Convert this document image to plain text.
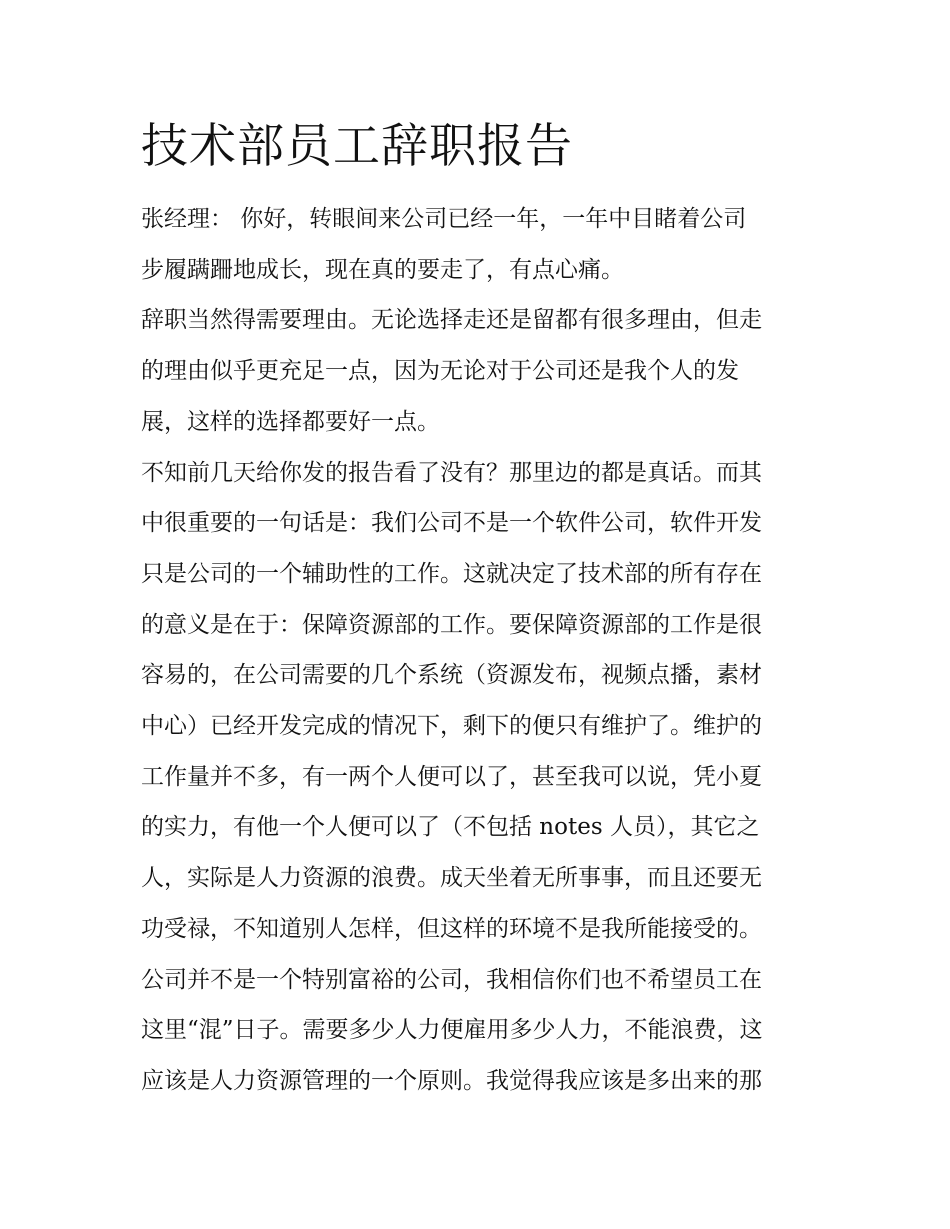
技术部员工辞职报告

张经理： 你好，转眼间来公司已经一年，一年中目睹着公司
步履蹒跚地成长，现在真的要走了，有点心痛。

辞职当然得需要理由。无论选择走还是留都有很多理由，但走
的理由似乎更充足一点，因为无论对于公司还是我个人的发
展，这样的选择都要好一点。

不知前几天给你发的报告看了没有？那里边的都是真话。而其
中很重要的一句话是：我们公司不是一个软件公司，软件开发
只是公司的一个辅助性的工作。这就决定了技术部的所有存在
的意义是在于：保障资源部的工作。要保障资源部的工作是很
容易的，在公司需要的几个系统（资源发布，视频点播，素材
中心）已经开发完成的情况下，剩下的便只有维护了。维护的
工作量并不多，有一两个人便可以了，甚至我可以说，凭小夏
的实力，有他一个人便可以了（不包括 notes 人员），其它之
人，实际是人力资源的浪费。成天坐着无所事事，而且还要无
功受禄，不知道别人怎样，但这样的环境不是我所能接受的。

公司并不是一个特别富裕的公司，我相信你们也不希望员工在
这里“混”日子。需要多少人力便雇用多少人力，不能浪费，这
应该是人力资源管理的一个原则。我觉得我应该是多出来的那
